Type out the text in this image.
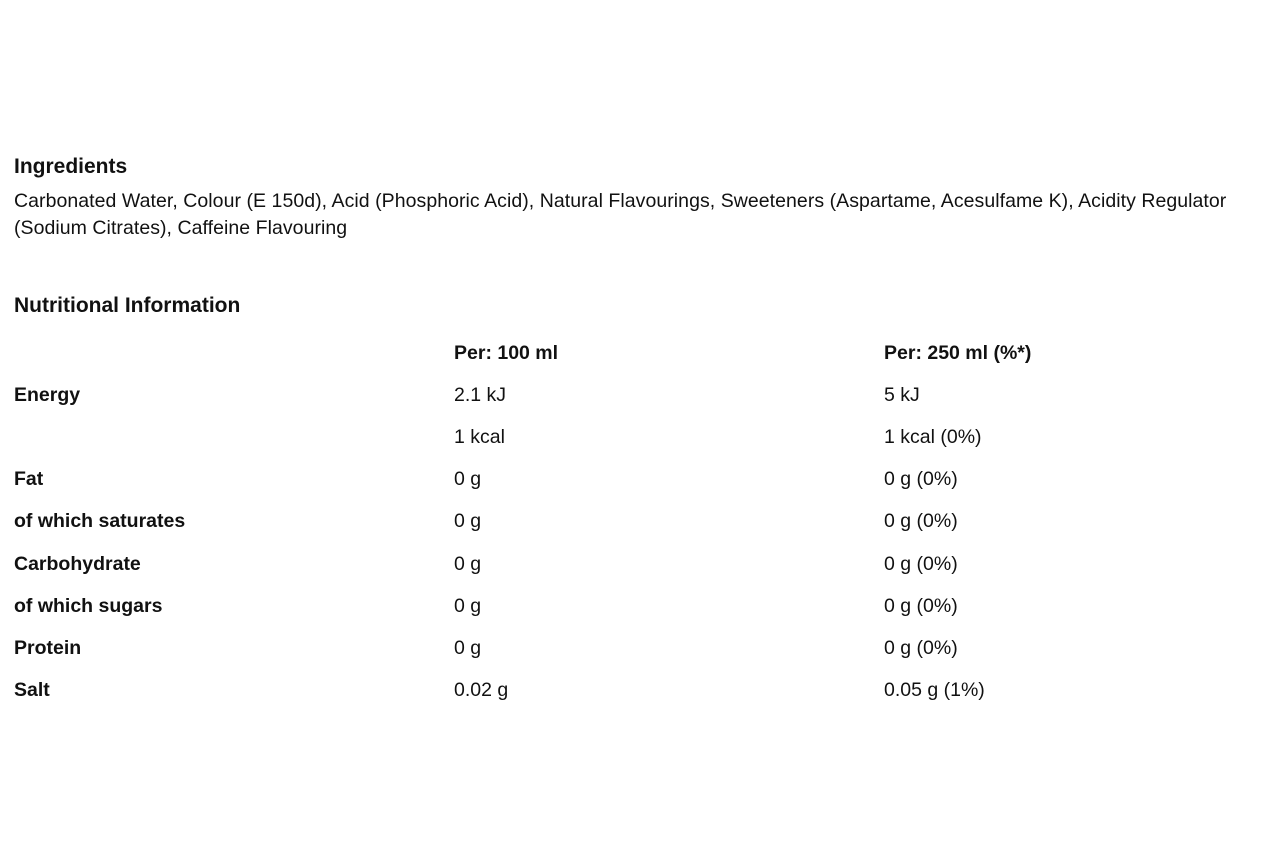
Ingredients

Carbonated Water, Colour (E 150d), Acid (Phosphoric Acid), Natural Flavourings, Sweeteners (Aspartame, Acesulfame K), Acidity Regulator (Sodium Citrates), Caffeine Flavouring

Nutritional Information
	Per: 100 ml	Per: 250 ml (%*)
Energy	2.1 kJ	5 kJ
	1 kcal	1 kcal (0%)
Fat	0 g	0 g (0%)
of which saturates	0 g	0 g (0%)
Carbohydrate	0 g	0 g (0%)
of which sugars	0 g	0 g (0%)
Protein	0 g	0 g (0%)
Salt	0.02 g	0.05 g (1%)
